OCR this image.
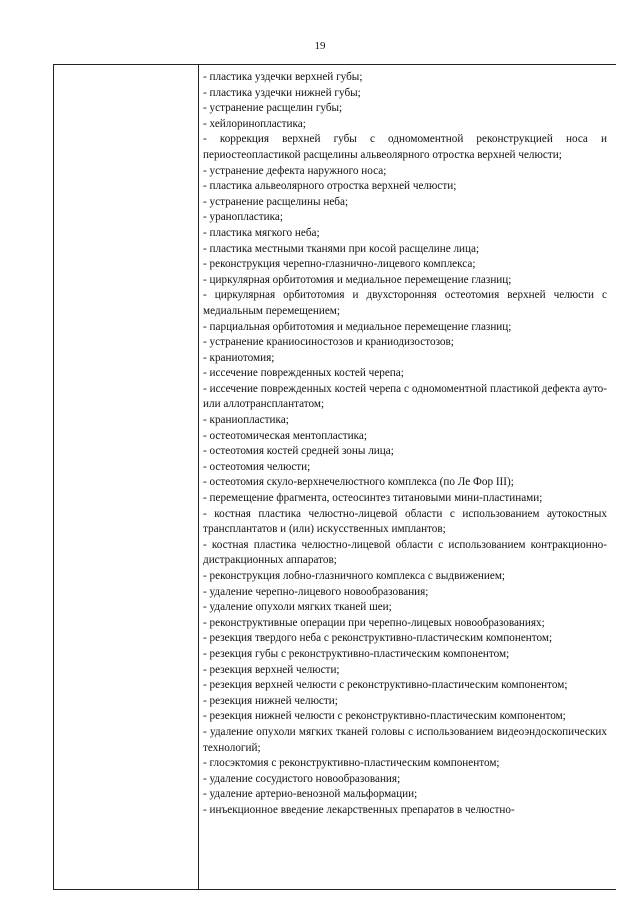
19

- пластика уздечки верхней губы;

- пластика уздечки нижней губы;

- устранение расщелин губы;

- хейлоринопластика;

- коррекция верхней губы с одномоментной реконструкцией носа и периостеопластикой расщелины альвеолярного отростка верхней челюсти;

- устранение дефекта наружного носа;

- пластика альвеолярного отростка верхней челюсти;

- устранение расщелины неба;

- уранопластика;

- пластика мягкого неба;

- пластика местными тканями при косой расщелине лица;

- реконструкция черепно-глазнично-лицевого комплекса;

- циркулярная орбитотомия и медиальное перемещение глазниц;

- циркулярная орбитотомия и двухсторонняя остеотомия верхней челюсти с медиальным перемещением;

- парциальная орбитотомия и медиальное перемещение глазниц;

- устранение краниосиностозов и краниодизостозов;

- краниотомия;

- иссечение поврежденных костей черепа;

- иссечение поврежденных костей черепа с одномоментной пластикой дефекта ауто- или аллотрансплантатом;

- краниопластика;

- остеотомическая ментопластика;

- остеотомия костей средней зоны лица;

- остеотомия челюсти;

- остеотомия скуло-верхнечелюстного комплекса (по Ле Фор III);

- перемещение фрагмента, остеосинтез титановыми мини-пластинами;

- костная пластика челюстно-лицевой области с использованием аутокостных трансплантатов и (или) искусственных имплантов;

- костная пластика челюстно-лицевой области с использованием контракционно-дистракционных аппаратов;

- реконструкция лобно-глазничного комплекса с выдвижением;

- удаление черепно-лицевого новообразования;

- удаление опухоли мягких тканей шеи;

- реконструктивные операции при черепно-лицевых новообразованиях;

- резекция твердого неба с реконструктивно-пластическим компонентом;

- резекция губы с реконструктивно-пластическим компонентом;

- резекция верхней челюсти;

- резекция верхней челюсти с реконструктивно-пластическим компонентом;

- резекция нижней челюсти;

- резекция нижней челюсти с реконструктивно-пластическим компонентом;

- удаление опухоли мягких тканей головы с использованием видеоэндоскопических технологий;

- глосэктомия с реконструктивно-пластическим компонентом;

- удаление сосудистого новообразования;

- удаление артерио-венозной мальформации;

- инъекционное введение лекарственных препаратов в челюстно-
